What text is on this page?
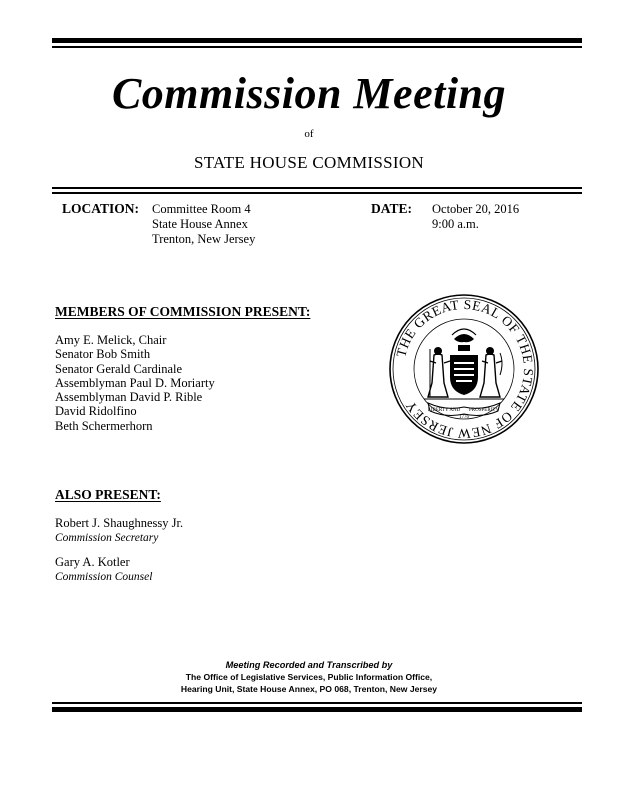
Commission Meeting
of
STATE HOUSE COMMISSION
LOCATION: Committee Room 4
State House Annex
Trenton, New Jersey
DATE: October 20, 2016
9:00 a.m.
MEMBERS OF COMMISSION PRESENT:
Amy E. Melick, Chair
Senator Bob Smith
Senator Gerald Cardinale
Assemblyman Paul D. Moriarty
Assemblyman David P. Rible
David Ridolfino
Beth Schermerhorn
THE GREAT SEAL OF THE STATE OF NEW JERSEY	LIBERTY AND PROSPERITY
1776
ALSO PRESENT:
Robert J. Shaughnessy Jr.
Commission Secretary
Gary A. Kotler
Commission Counsel
Meeting Recorded and Transcribed by
The Office of Legislative Services, Public Information Office,
Hearing Unit, State House Annex, PO 068, Trenton, New Jersey
